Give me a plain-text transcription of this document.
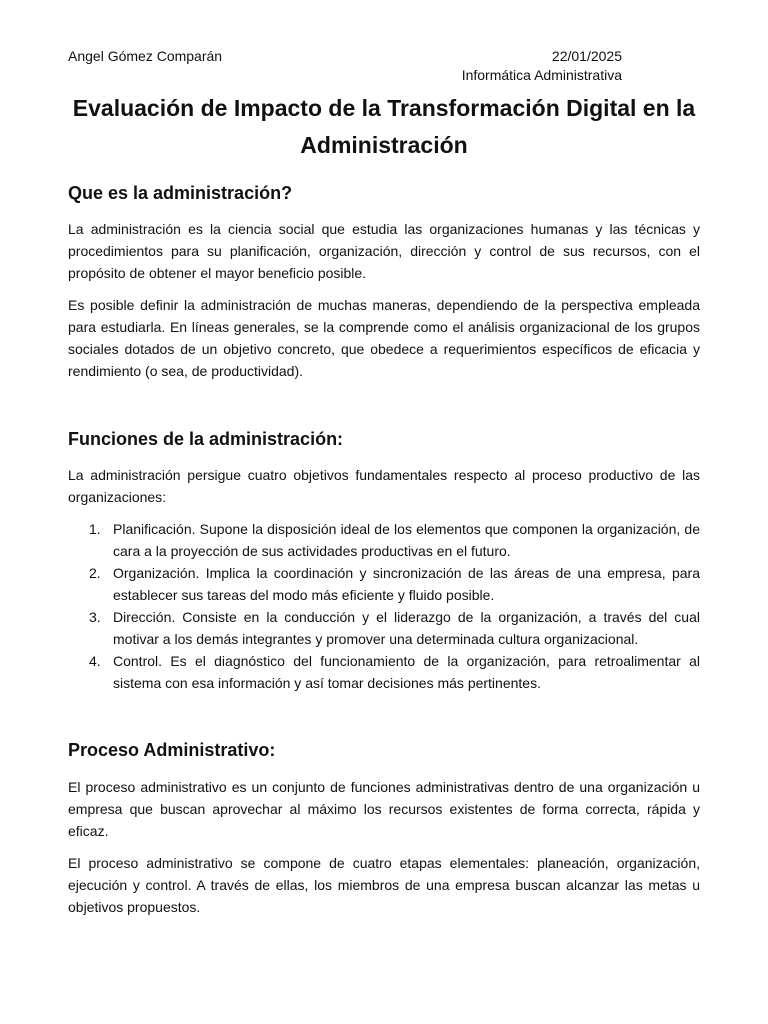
Angel Gómez Comparán	22/01/2025
Informática Administrativa
Evaluación de Impacto de la Transformación Digital en la Administración
Que es la administración?

La administración es la ciencia social que estudia las organizaciones humanas y las técnicas y procedimientos para su planificación, organización, dirección y control de sus recursos, con el propósito de obtener el mayor beneficio posible.

Es posible definir la administración de muchas maneras, dependiendo de la perspectiva empleada para estudiarla. En líneas generales, se la comprende como el análisis organizacional de los grupos sociales dotados de un objetivo concreto, que obedece a requerimientos específicos de eficacia y rendimiento (o sea, de productividad).

Funciones de la administración:

La administración persigue cuatro objetivos fundamentales respecto al proceso productivo de las organizaciones:

1. Planificación. Supone la disposición ideal de los elementos que componen la organización, de cara a la proyección de sus actividades productivas en el futuro.
2. Organización. Implica la coordinación y sincronización de las áreas de una empresa, para establecer sus tareas del modo más eficiente y fluido posible.
3. Dirección. Consiste en la conducción y el liderazgo de la organización, a través del cual motivar a los demás integrantes y promover una determinada cultura organizacional.
4. Control. Es el diagnóstico del funcionamiento de la organización, para retroalimentar al sistema con esa información y así tomar decisiones más pertinentes.
Proceso Administrativo:

El proceso administrativo es un conjunto de funciones administrativas dentro de una organización u empresa que buscan aprovechar al máximo los recursos existentes de forma correcta, rápida y eficaz.

El proceso administrativo se compone de cuatro etapas elementales: planeación, organización, ejecución y control. A través de ellas, los miembros de una empresa buscan alcanzar las metas u objetivos propuestos.
